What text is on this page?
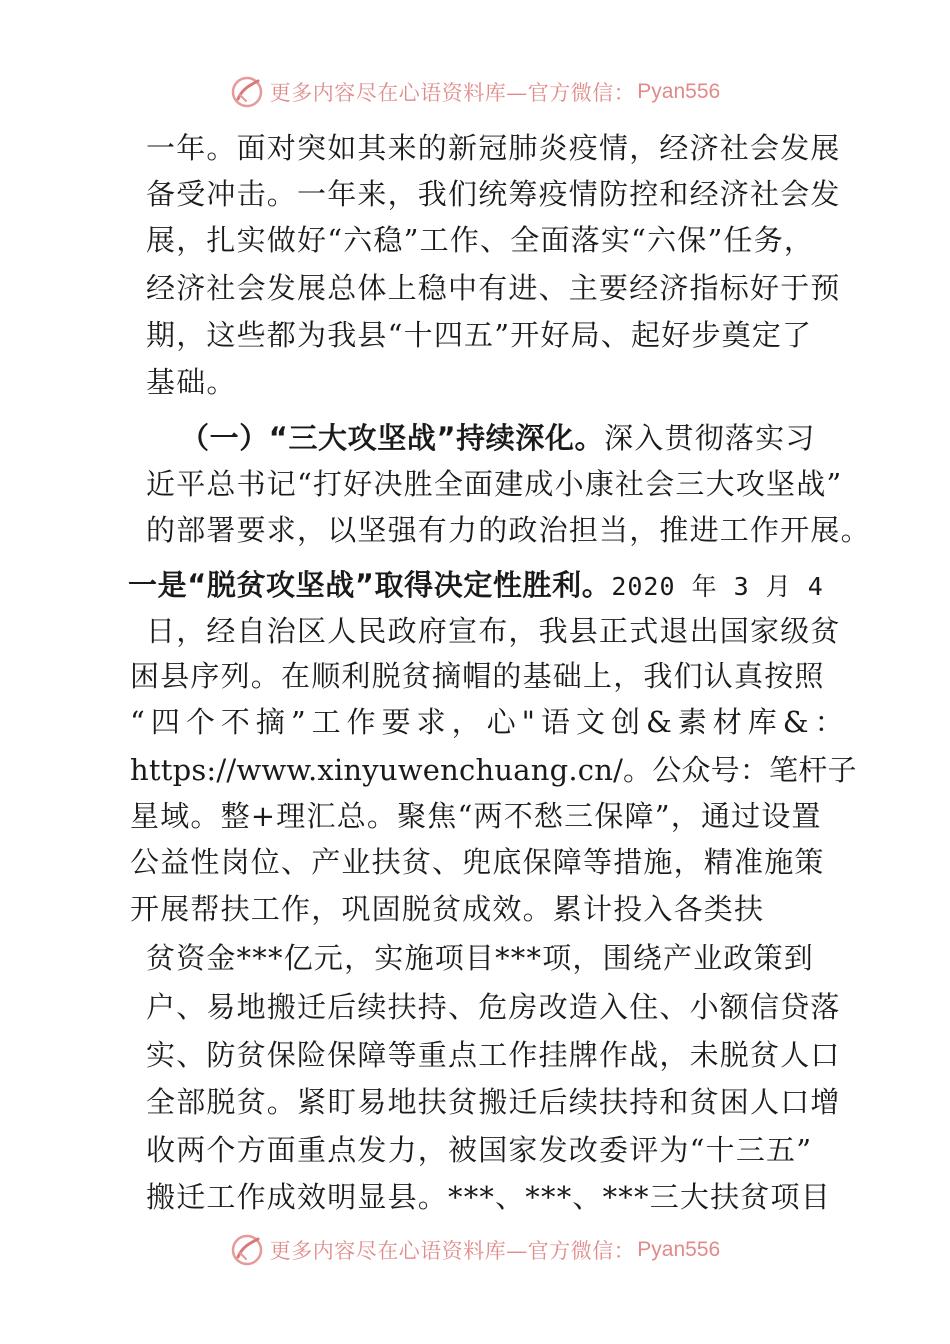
更多内容尽在心语资料库—官方微信： Pyan556
一年。面对突如其来的新冠肺炎疫情，经济社会发展
备受冲击。一年来，我们统筹疫情防控和经济社会发
展，扎实做好“六稳”工作、全面落实“六保”任务，
经济社会发展总体上稳中有进、主要经济指标好于预
期，这些都为我县“十四五”开好局、起好步奠定了
基础。
（一）“三大攻坚战”持续深化。深入贯彻落实习
近平总书记“打好决胜全面建成小康社会三大攻坚战”
的部署要求，以坚强有力的政治担当，推进工作开展。
一是“脱贫攻坚战”取得决定性胜利。2020 年 3 月 4
日，经自治区人民政府宣布，我县正式退出国家级贫
困县序列。在顺利脱贫摘帽的基础上，我们认真按照
“四个不摘”工作要求，心"语文创&素材库&：
https://www.xinyuwenchuang.cn/。公众号：笔杆子
星域。整+理汇总。聚焦“两不愁三保障”，通过设置
公益性岗位、产业扶贫、兜底保障等措施，精准施策
开展帮扶工作，巩固脱贫成效。累计投入各类扶
贫资金***亿元，实施项目***项，围绕产业政策到
户、易地搬迁后续扶持、危房改造入住、小额信贷落
实、防贫保险保障等重点工作挂牌作战，未脱贫人口
全部脱贫。紧盯易地扶贫搬迁后续扶持和贫困人口增
收两个方面重点发力，被国家发改委评为“十三五”
搬迁工作成效明显县。***、***、***三大扶贫项目
更多内容尽在心语资料库—官方微信： Pyan556
